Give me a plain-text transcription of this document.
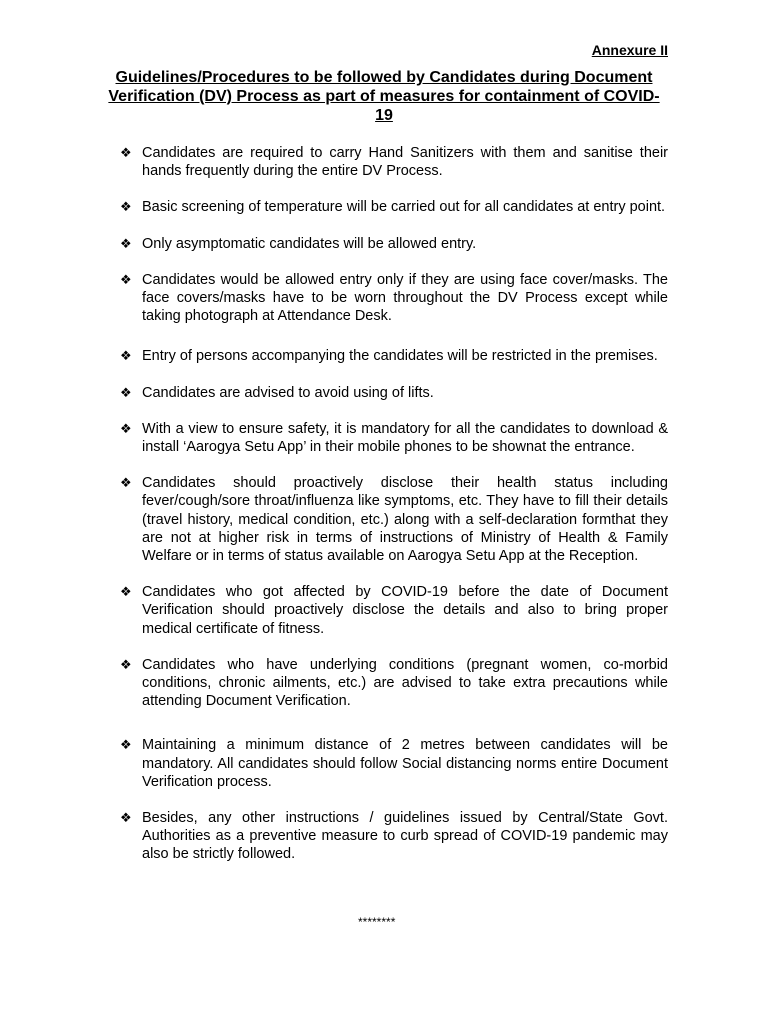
Annexure II
Guidelines/Procedures to be followed by Candidates during Document Verification (DV) Process as part of measures for containment of COVID-19
❖ Candidates are required to carry Hand Sanitizers with them and sanitise their hands frequently during the entire DV Process.
❖ Basic screening of temperature will be carried out for all candidates at entry point.
❖ Only asymptomatic candidates will be allowed entry.
❖ Candidates would be allowed entry only if they are using face cover/masks. The face covers/masks have to be worn throughout the DV Process except while taking photograph at Attendance Desk.
❖ Entry of persons accompanying the candidates will be restricted in the premises.
❖ Candidates are advised to avoid using of lifts.
❖ With a view to ensure safety, it is mandatory for all the candidates to download & install ‘Aarogya Setu App’ in their mobile phones to be shownat the entrance.
❖ Candidates should proactively disclose their health status including fever/cough/sore throat/influenza like symptoms, etc. They have to fill their details (travel history, medical condition, etc.) along with a self-declaration formthat they are not at higher risk in terms of instructions of Ministry of Health & Family Welfare or in terms of status available on Aarogya Setu App at the Reception.
❖ Candidates who got affected by COVID-19 before the date of Document Verification should proactively disclose the details and also to bring proper medical certificate of fitness.
❖ Candidates who have underlying conditions (pregnant women, co-morbid conditions, chronic ailments, etc.) are advised to take extra precautions while attending Document Verification.
❖ Maintaining a minimum distance of 2 metres between candidates will be mandatory. All candidates should follow Social distancing norms entire Document Verification process.
❖ Besides, any other instructions / guidelines issued by Central/State Govt. Authorities as a preventive measure to curb spread of COVID-19 pandemic may also be strictly followed.
********
